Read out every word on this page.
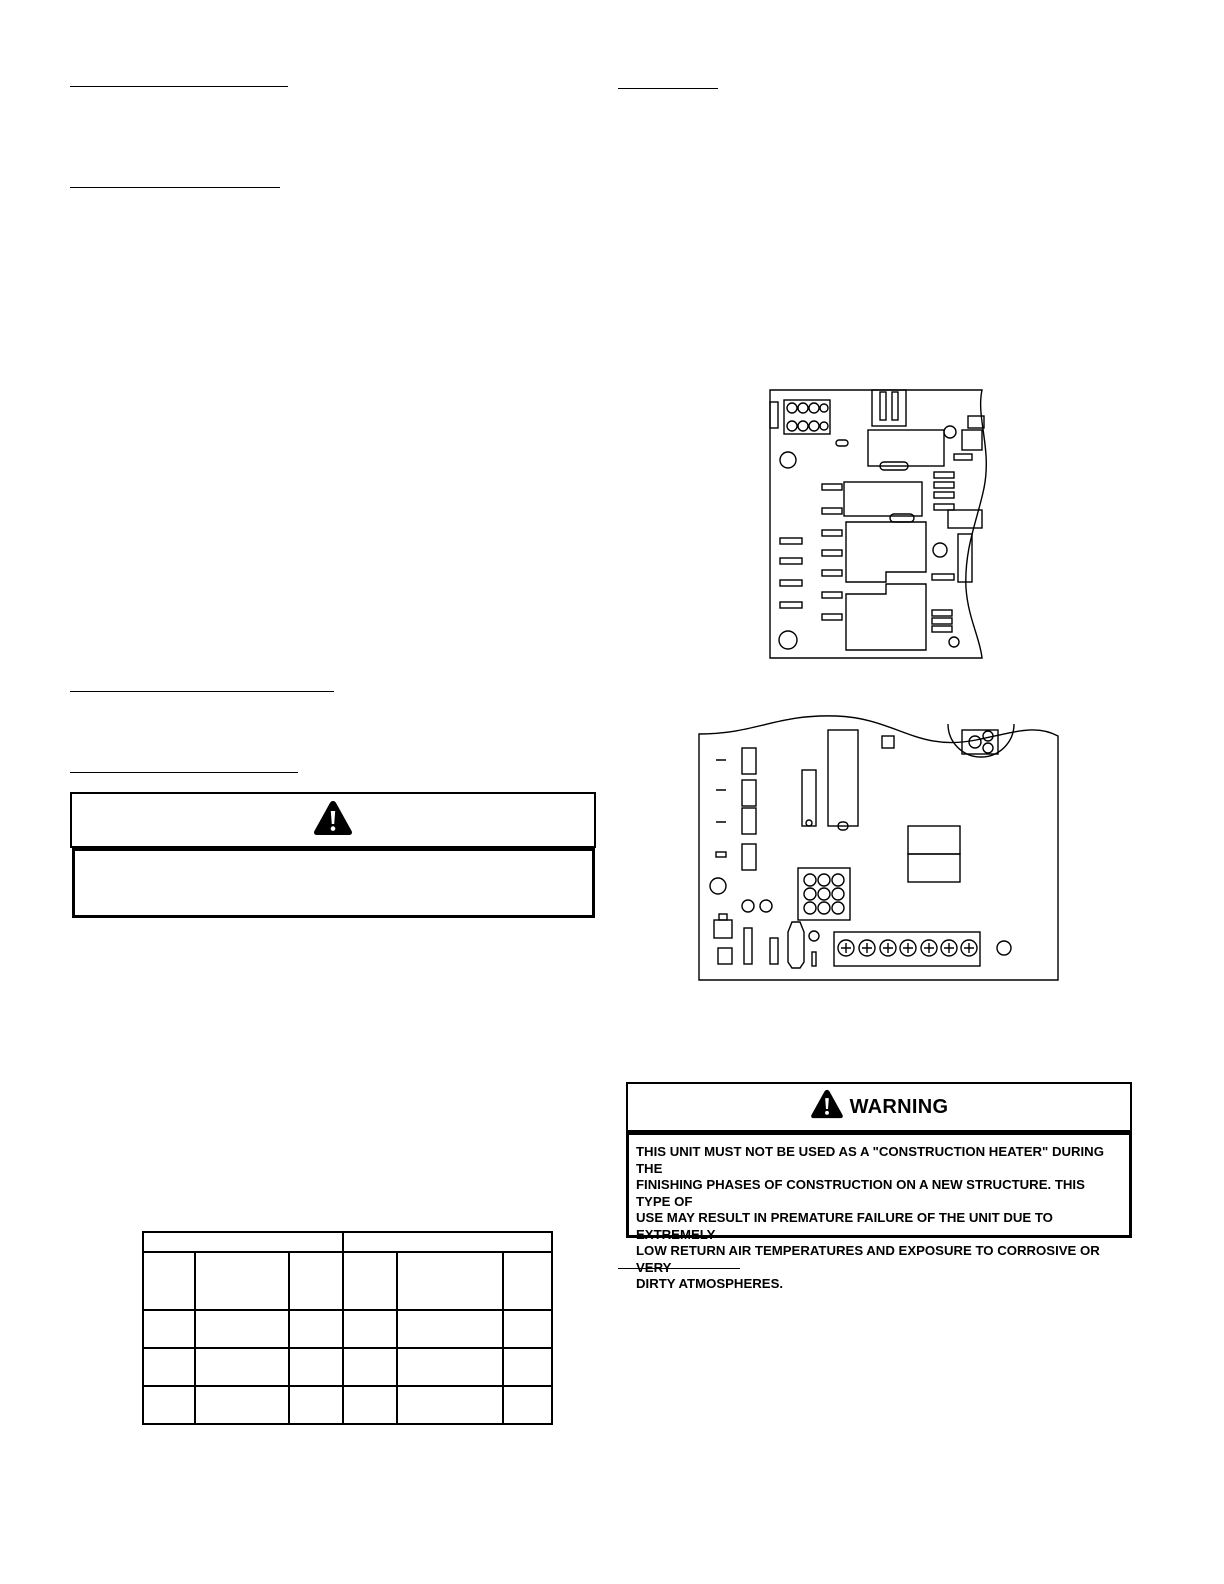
WARNING
THIS UNIT MUST NOT BE USED AS A "CONSTRUCTION HEATER" DURING THE
FINISHING PHASES OF CONSTRUCTION ON A NEW STRUCTURE. THIS TYPE OF
USE MAY RESULT IN PREMATURE FAILURE OF THE UNIT DUE TO EXTREMELY
LOW RETURN AIR TEMPERATURES AND EXPOSURE TO CORROSIVE OR VERY
DIRTY ATMOSPHERES.
